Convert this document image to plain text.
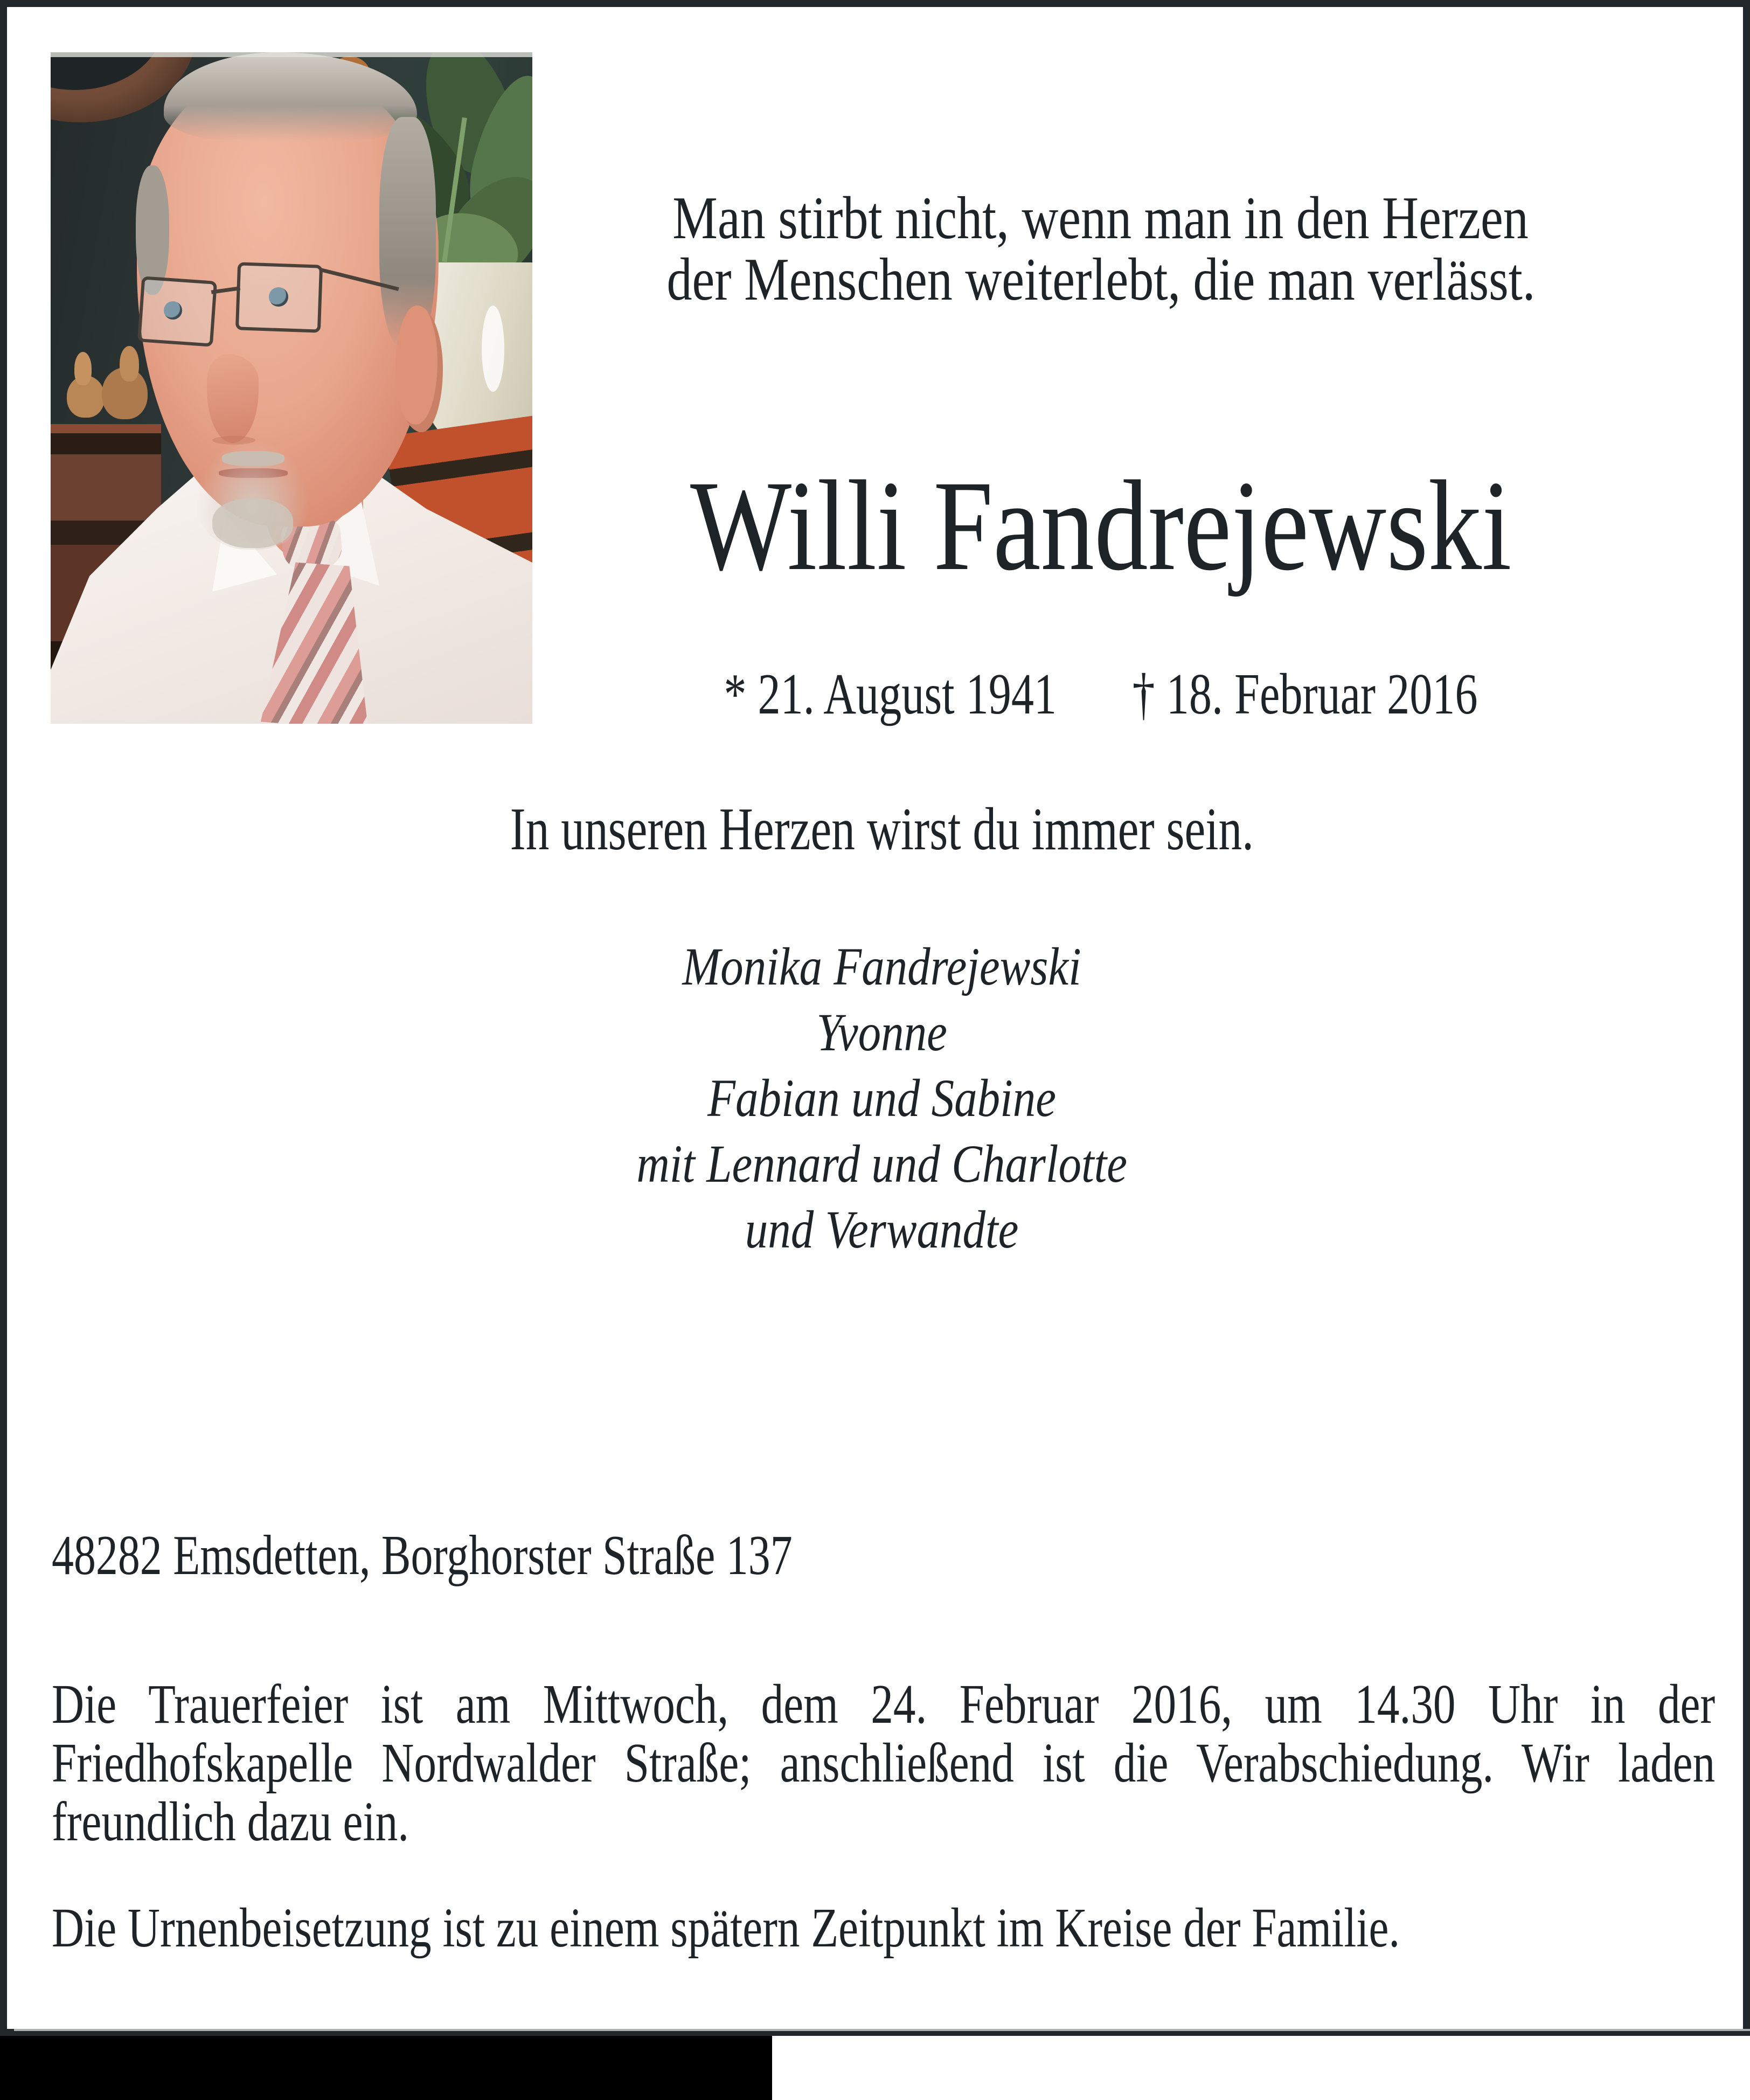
Man stirbt nicht, wenn man in den Herzen
der Menschen weiterlebt, die man verlässt.
Willi Fandrejewski
* 21. August 1941 † 18. Februar 2016
In unseren Herzen wirst du immer sein.
Monika Fandrejewski
Yvonne
Fabian und Sabine
mit Lennard und Charlotte
und Verwandte
48282 Emsdetten, Borghorster Straße 137
Die Trauerfeier ist am Mittwoch, dem 24. Februar 2016, um 14.30 Uhr in der
Friedhofskapelle Nordwalder Straße; anschließend ist die Verabschiedung. Wir laden
freundlich dazu ein.
Die Urnenbeisetzung ist zu einem spätern Zeitpunkt im Kreise der Familie.
